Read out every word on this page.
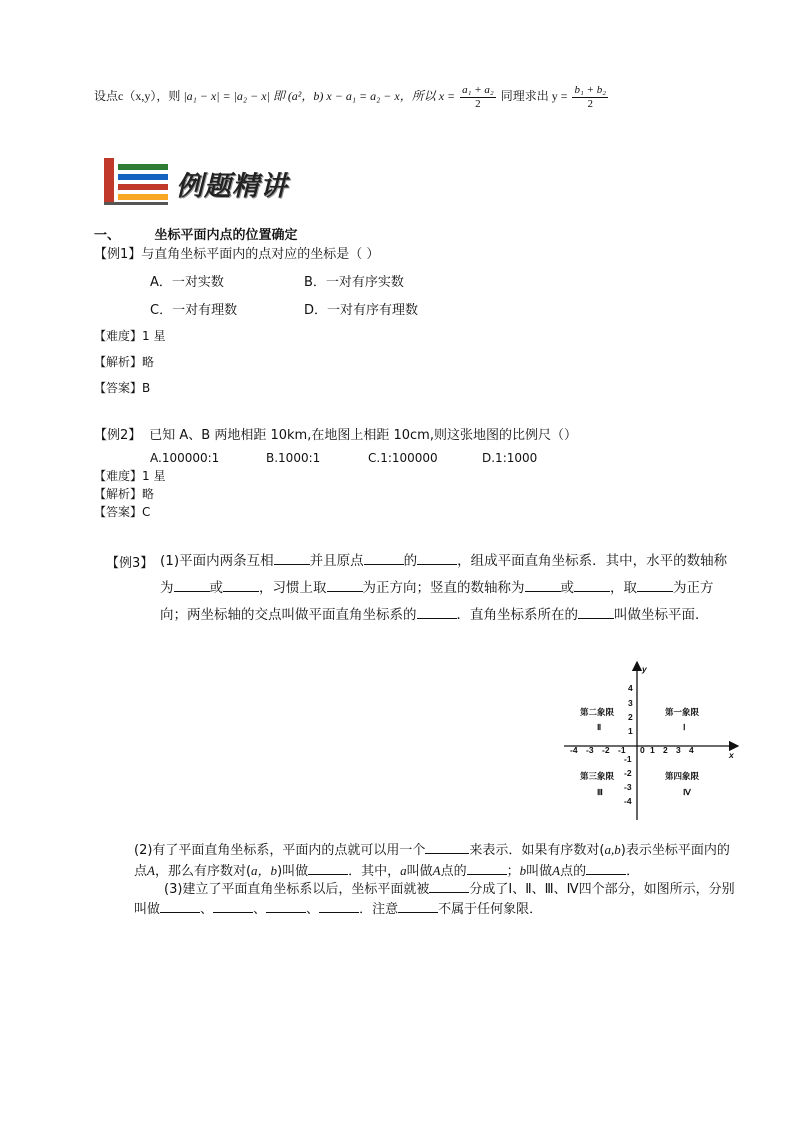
设点c（x,y），则 |a₁ − x| = |a₂ − x| 即 (a²，b) x − a₁ = a₂ − x，所以 $x = \frac{\text{a₁ + a₂}}{2}$ 同理求出 $y = \frac{\text{b₁ + b₂}}{2}$
例题精讲
一、	坐标平面内点的位置确定
【例1】与直角坐标平面内的点对应的坐标是（ ）
A．一对实数	B．一对有序实数
C．一对有理数	D．一对有序有理数
【难度】1 星
【解析】略
【答案】B
【例2】 已知 A、B 两地相距 10km,在地图上相距 10cm,则这张地图的比例尺（）
A.100000:1	B.1000:1	C.1:100000	D.1:1000
【难度】1 星
【解析】略
【答案】C
【例3】 (1)平面内两条互相	并且原点	的	，组成平面直角坐标系．其中，水平的数轴称为	或	，习惯上取	为正方向；竖直的数轴称为	或	，取	为正方向；两坐标轴的交点叫做平面直角坐标系的	．直角坐标系所在的	叫做坐标平面．
x
y
-4 -3 -2 -1 0 1 2 3 4
4
3
2
1
-1
-2
-3
-4
第二象限
Ⅱ
第一象限
Ⅰ
第三象限
Ⅲ
第四象限
Ⅳ
(2)有了平面直角坐标系，平面内的点就可以用一个	来表示．如果有序数对(a,b)表示坐标平面内的点A，那么有序数对(a，b)叫做	．其中，a叫做A点的	；b叫做A点的	．
(3)建立了平面直角坐标系以后，坐标平面就被	分成了Ⅰ、Ⅱ、Ⅲ、Ⅳ四个部分，如图所示，分别叫做	、	、	、	．注意	不属于任何象限．
